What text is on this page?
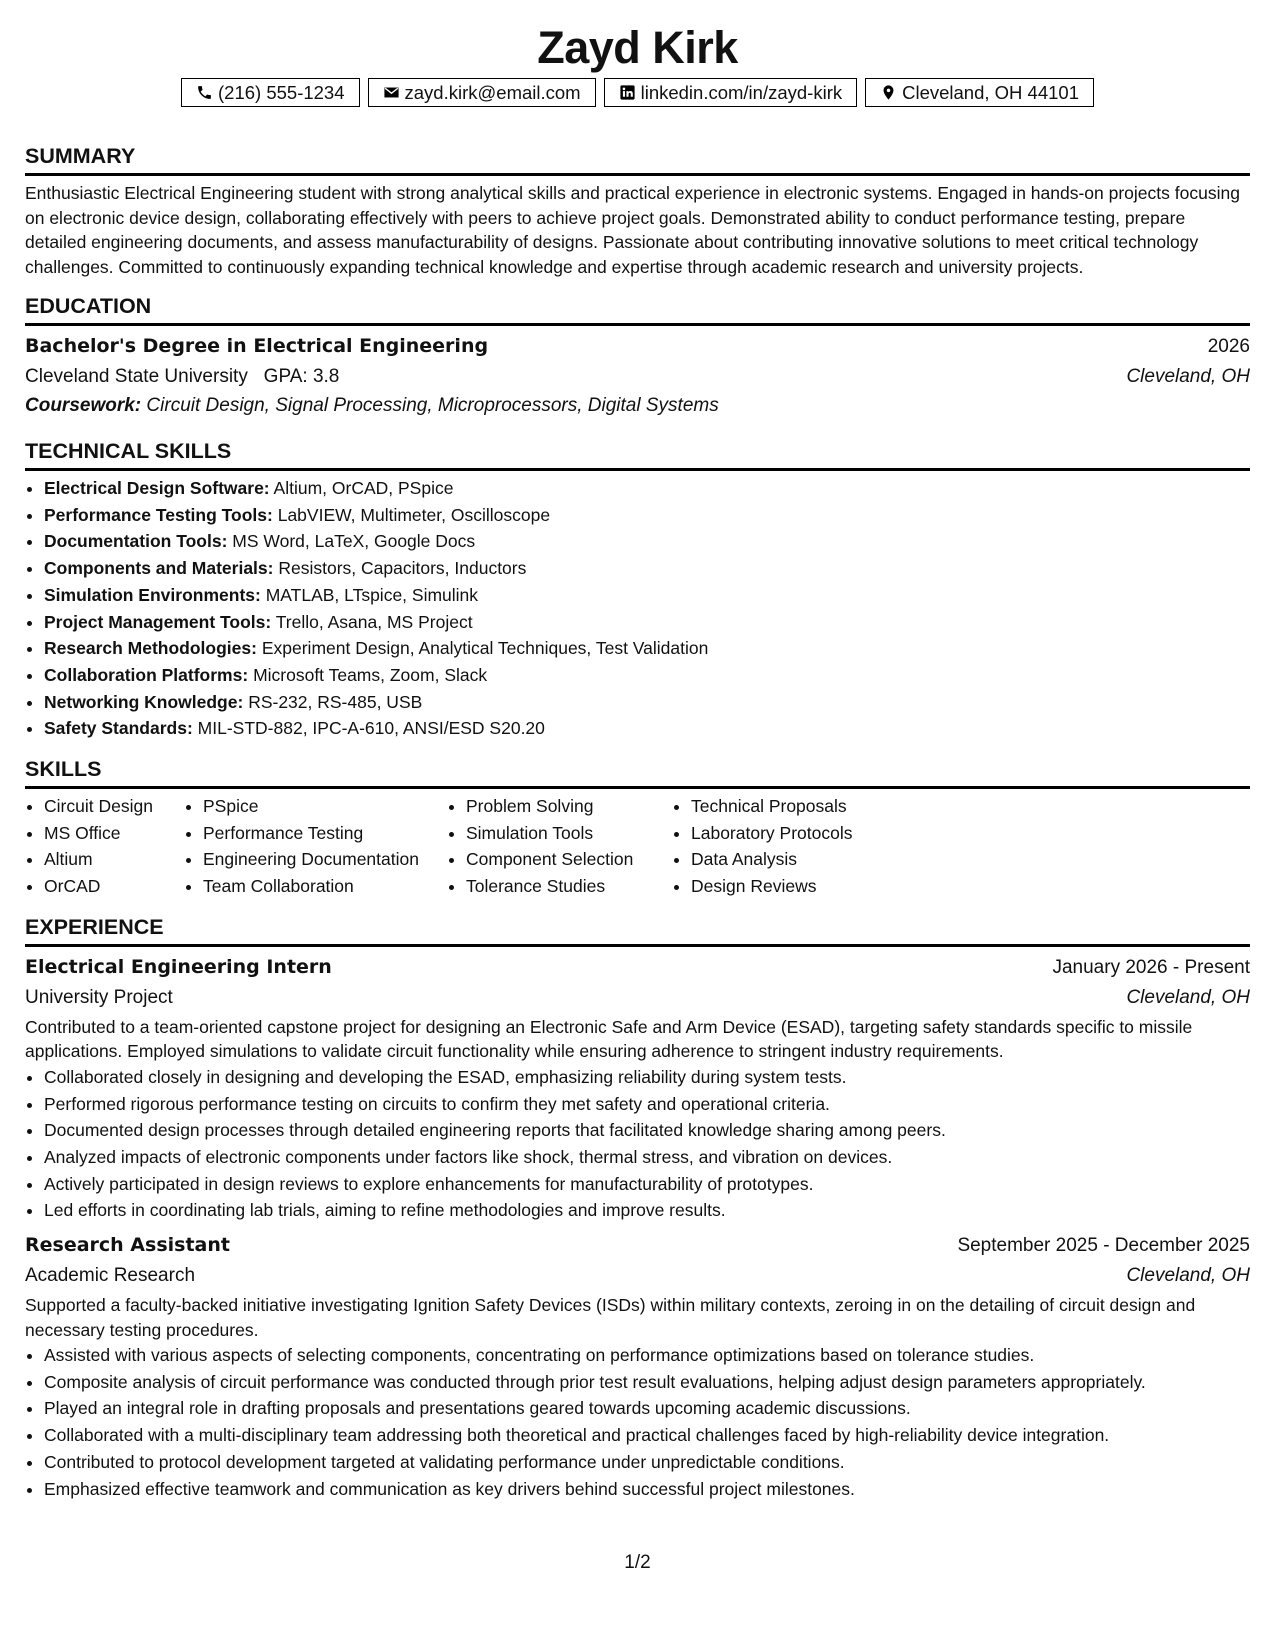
Zayd Kirk
(216) 555-1234	zayd.kirk@email.com	linkedin.com/in/zayd-kirk	Cleveland, OH 44101
SUMMARY
Enthusiastic Electrical Engineering student with strong analytical skills and practical experience in electronic systems. Engaged in hands-on projects focusing on electronic device design, collaborating effectively with peers to achieve project goals. Demonstrated ability to conduct performance testing, prepare detailed engineering documents, and assess manufacturability of designs. Passionate about contributing innovative solutions to meet critical technology challenges. Committed to continuously expanding technical knowledge and expertise through academic research and university projects.
EDUCATION
Bachelor's Degree in Electrical Engineering	2026
Cleveland State University GPA: 3.8	Cleveland, OH
Coursework: Circuit Design, Signal Processing, Microprocessors, Digital Systems
TECHNICAL SKILLS
• Electrical Design Software: Altium, OrCAD, PSpice
• Performance Testing Tools: LabVIEW, Multimeter, Oscilloscope
• Documentation Tools: MS Word, LaTeX, Google Docs
• Components and Materials: Resistors, Capacitors, Inductors
• Simulation Environments: MATLAB, LTspice, Simulink
• Project Management Tools: Trello, Asana, MS Project
• Research Methodologies: Experiment Design, Analytical Techniques, Test Validation
• Collaboration Platforms: Microsoft Teams, Zoom, Slack
• Networking Knowledge: RS-232, RS-485, USB
• Safety Standards: MIL-STD-882, IPC-A-610, ANSI/ESD S20.20
SKILLS
• Circuit Design
• MS Office
• Altium
• OrCAD
• PSpice
• Performance Testing
• Engineering Documentation
• Team Collaboration
• Problem Solving
• Simulation Tools
• Component Selection
• Tolerance Studies
• Technical Proposals
• Laboratory Protocols
• Data Analysis
• Design Reviews
EXPERIENCE
Electrical Engineering Intern	January 2026 - Present
University Project	Cleveland, OH
Contributed to a team-oriented capstone project for designing an Electronic Safe and Arm Device (ESAD), targeting safety standards specific to missile applications. Employed simulations to validate circuit functionality while ensuring adherence to stringent industry requirements.
• Collaborated closely in designing and developing the ESAD, emphasizing reliability during system tests.
• Performed rigorous performance testing on circuits to confirm they met safety and operational criteria.
• Documented design processes through detailed engineering reports that facilitated knowledge sharing among peers.
• Analyzed impacts of electronic components under factors like shock, thermal stress, and vibration on devices.
• Actively participated in design reviews to explore enhancements for manufacturability of prototypes.
• Led efforts in coordinating lab trials, aiming to refine methodologies and improve results.
Research Assistant	September 2025 - December 2025
Academic Research	Cleveland, OH
Supported a faculty-backed initiative investigating Ignition Safety Devices (ISDs) within military contexts, zeroing in on the detailing of circuit design and necessary testing procedures.
• Assisted with various aspects of selecting components, concentrating on performance optimizations based on tolerance studies.
• Composite analysis of circuit performance was conducted through prior test result evaluations, helping adjust design parameters appropriately.
• Played an integral role in drafting proposals and presentations geared towards upcoming academic discussions.
• Collaborated with a multi-disciplinary team addressing both theoretical and practical challenges faced by high-reliability device integration.
• Contributed to protocol development targeted at validating performance under unpredictable conditions.
• Emphasized effective teamwork and communication as key drivers behind successful project milestones.
1/2
